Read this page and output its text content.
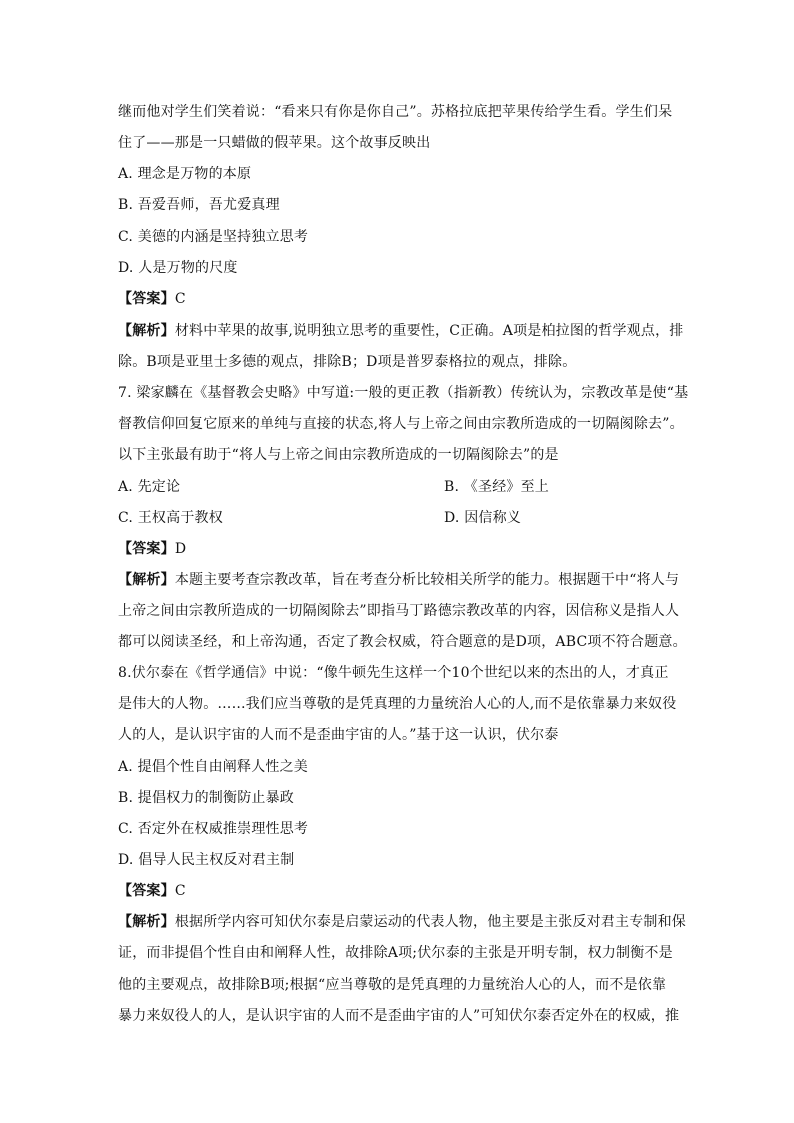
继而他对学生们笑着说：“看来只有你是你自己”。苏格拉底把苹果传给学生看。学生们呆
住了——那是一只蜡做的假苹果。这个故事反映出
A. 理念是万物的本原
B. 吾爱吾师，吾尤爱真理
C. 美德的内涵是坚持独立思考
D. 人是万物的尺度
【答案】C
【解析】材料中苹果的故事,说明独立思考的重要性，C正确。A项是柏拉图的哲学观点，排
除。B项是亚里士多德的观点，排除B；D项是普罗泰格拉的观点，排除。
7. 梁家麟在《基督教会史略》中写道:一般的更正教（指新教）传统认为，宗教改革是使“基
督教信仰回复它原来的单纯与直接的状态,将人与上帝之间由宗教所造成的一切隔阂除去”。
以下主张最有助于“将人与上帝之间由宗教所造成的一切隔阂除去”的是
A. 先定论	B. 《圣经》至上
C. 王权高于教权	D. 因信称义
【答案】D
【解析】本题主要考查宗教改革，旨在考查分析比较相关所学的能力。根据题干中“将人与
上帝之间由宗教所造成的一切隔阂除去”即指马丁路德宗教改革的内容，因信称义是指人人
都可以阅读圣经，和上帝沟通，否定了教会权威，符合题意的是D项，ABC项不符合题意。
8.伏尔泰在《哲学通信》中说：“像牛顿先生这样一个10个世纪以来的杰出的人，才真正
是伟大的人物。……我们应当尊敬的是凭真理的力量统治人心的人,而不是依靠暴力来奴役
人的人，是认识宇宙的人而不是歪曲宇宙的人。”基于这一认识，伏尔泰
A. 提倡个性自由阐释人性之美
B. 提倡权力的制衡防止暴政
C. 否定外在权威推崇理性思考
D. 倡导人民主权反对君主制
【答案】C
【解析】根据所学内容可知伏尔泰是启蒙运动的代表人物，他主要是主张反对君主专制和保
证，而非提倡个性自由和阐释人性，故排除A项;伏尔泰的主张是开明专制，权力制衡不是
他的主要观点，故排除B项;根据“应当尊敬的是凭真理的力量统治人心的人，而不是依靠
暴力来奴役人的人，是认识宇宙的人而不是歪曲宇宙的人”可知伏尔泰否定外在的权威，推
